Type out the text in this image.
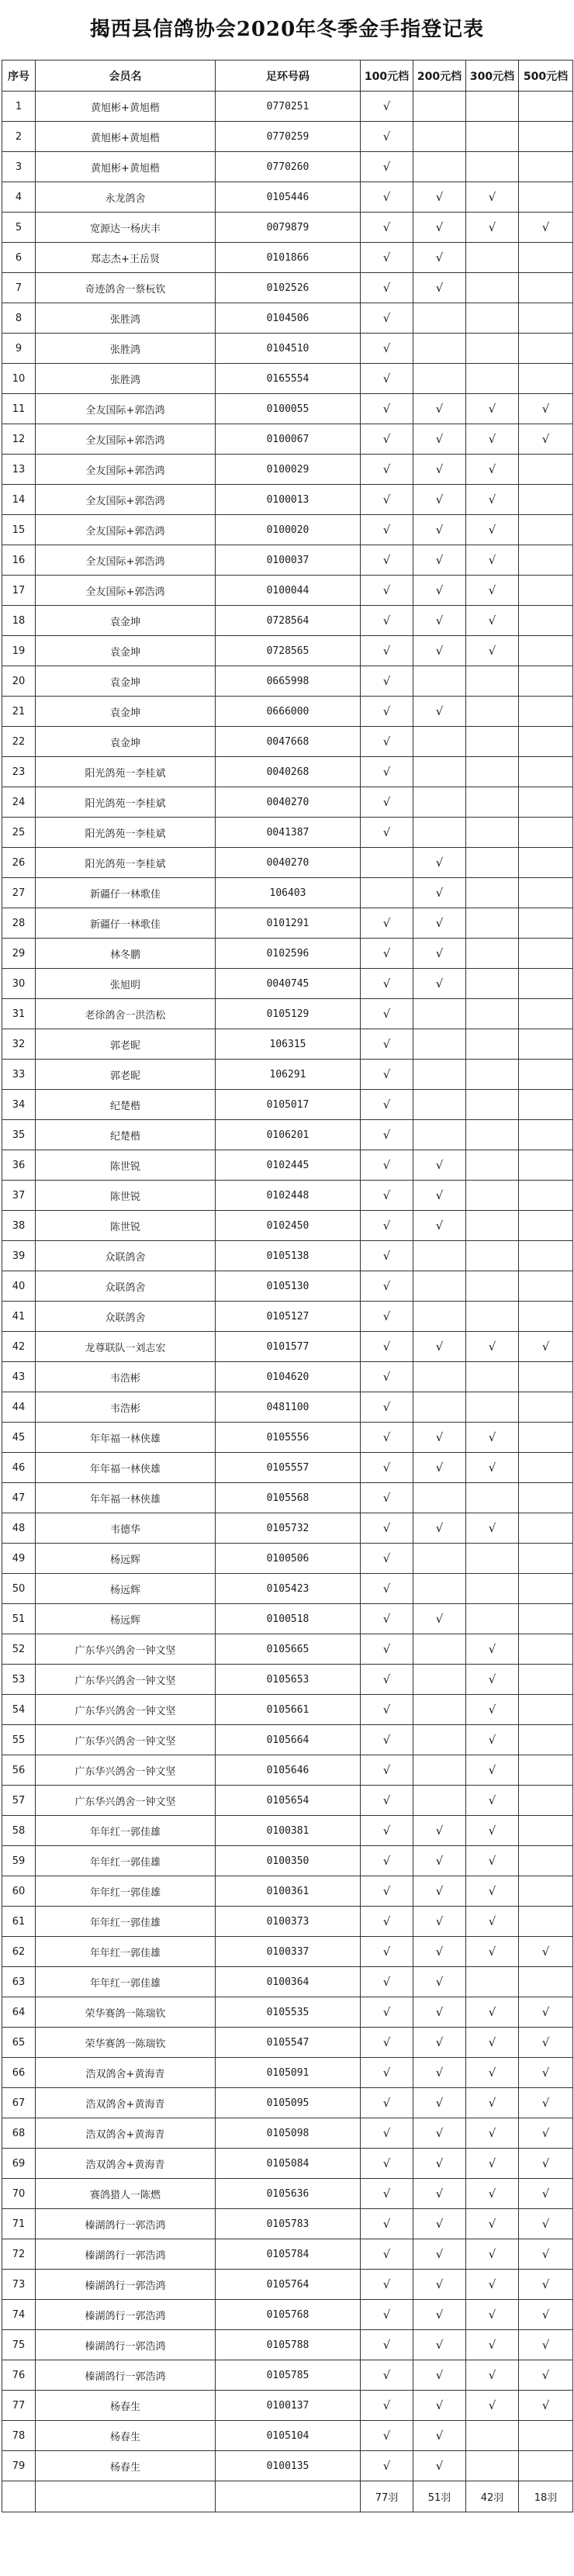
揭西县信鸽协会2020年冬季金手指登记表
序号	会员名	足环号码	100元档	200元档	300元档	500元档
1	黄旭彬+黄旭楷	0770251	√			
2	黄旭彬+黄旭楷	0770259	√			
3	黄旭彬+黄旭楷	0770260	√			
4	永龙鸽舍	0105446	√	√	√	
5	宽源达一杨庆丰	0079879	√	√	√	√
6	郑志杰+王岳贤	0101866	√	√		
7	奇迹鸽舍一蔡杬钦	0102526	√	√		
8	张胜鸿	0104506	√			
9	张胜鸿	0104510	√			
10	张胜鸿	0165554	√			
11	全友国际+郭浩鸿	0100055	√	√	√	√
12	全友国际+郭浩鸿	0100067	√	√	√	√
13	全友国际+郭浩鸿	0100029	√	√	√	
14	全友国际+郭浩鸿	0100013	√	√	√	
15	全友国际+郭浩鸿	0100020	√	√	√	
16	全友国际+郭浩鸿	0100037	√	√	√	
17	全友国际+郭浩鸿	0100044	√	√	√	
18	袁金坤	0728564	√	√	√	
19	袁金坤	0728565	√	√	√	
20	袁金坤	0665998	√			
21	袁金坤	0666000	√	√		
22	袁金坤	0047668	√			
23	阳光鸽苑一李桂斌	0040268	√			
24	阳光鸽苑一李桂斌	0040270	√			
25	阳光鸽苑一李桂斌	0041387	√			
26	阳光鸽苑一李桂斌	0040270		√		
27	新疆仔一林歌佳	106403		√		
28	新疆仔一林歌佳	0101291	√	√		
29	林冬鹏	0102596	√	√		
30	张旭明	0040745	√	√		
31	老徐鸽舍一洪浩松	0105129	√			
32	郭老昵	106315	√			
33	郭老昵	106291	√			
34	纪楚楷	0105017	√			
35	纪楚楷	0106201	√			
36	陈世锐	0102445	√	√		
37	陈世锐	0102448	√	√		
38	陈世锐	0102450	√	√		
39	众联鸽舍	0105138	√			
40	众联鸽舍	0105130	√			
41	众联鸽舍	0105127	√			
42	龙尊联队一刘志宏	0101577	√	√	√	√
43	韦浩彬	0104620	√			
44	韦浩彬	0481100	√			
45	年年福一林侠雄	0105556	√	√	√	
46	年年福一林侠雄	0105557	√	√	√	
47	年年福一林侠雄	0105568	√			
48	韦德华	0105732	√	√	√	
49	杨远辉	0100506	√			
50	杨远辉	0105423	√			
51	杨远辉	0100518	√	√		
52	广东华兴鸽舍一钟文坚	0105665	√		√	
53	广东华兴鸽舍一钟文坚	0105653	√		√	
54	广东华兴鸽舍一钟文坚	0105661	√		√	
55	广东华兴鸽舍一钟文坚	0105664	√		√	
56	广东华兴鸽舍一钟文坚	0105646	√		√	
57	广东华兴鸽舍一钟文坚	0105654	√		√	
58	年年红一郭佳雄	0100381	√	√	√	
59	年年红一郭佳雄	0100350	√	√	√	
60	年年红一郭佳雄	0100361	√	√	√	
61	年年红一郭佳雄	0100373	√	√	√	
62	年年红一郭佳雄	0100337	√	√	√	√
63	年年红一郭佳雄	0100364	√	√		
64	荣华赛鸽一陈瑞钦	0105535	√	√	√	√
65	荣华赛鸽一陈瑞钦	0105547	√	√	√	√
66	浩双鸽舍+黄海青	0105091	√	√	√	√
67	浩双鸽舍+黄海青	0105095	√	√	√	√
68	浩双鸽舍+黄海青	0105098	√	√	√	√
69	浩双鸽舍+黄海青	0105084	√	√	√	√
70	赛鸽猎人一陈燃	0105636	√	√	√	√
71	榛湖鸽行一郭浩鸿	0105783	√	√	√	√
72	榛湖鸽行一郭浩鸿	0105784	√	√	√	√
73	榛湖鸽行一郭浩鸿	0105764	√	√	√	√
74	榛湖鸽行一郭浩鸿	0105768	√	√	√	√
75	榛湖鸽行一郭浩鸿	0105788	√	√	√	√
76	榛湖鸽行一郭浩鸿	0105785	√	√	√	√
77	杨春生	0100137	√	√	√	√
78	杨春生	0105104	√	√		
79	杨春生	0100135	√	√		
			77羽	51羽	42羽	18羽
